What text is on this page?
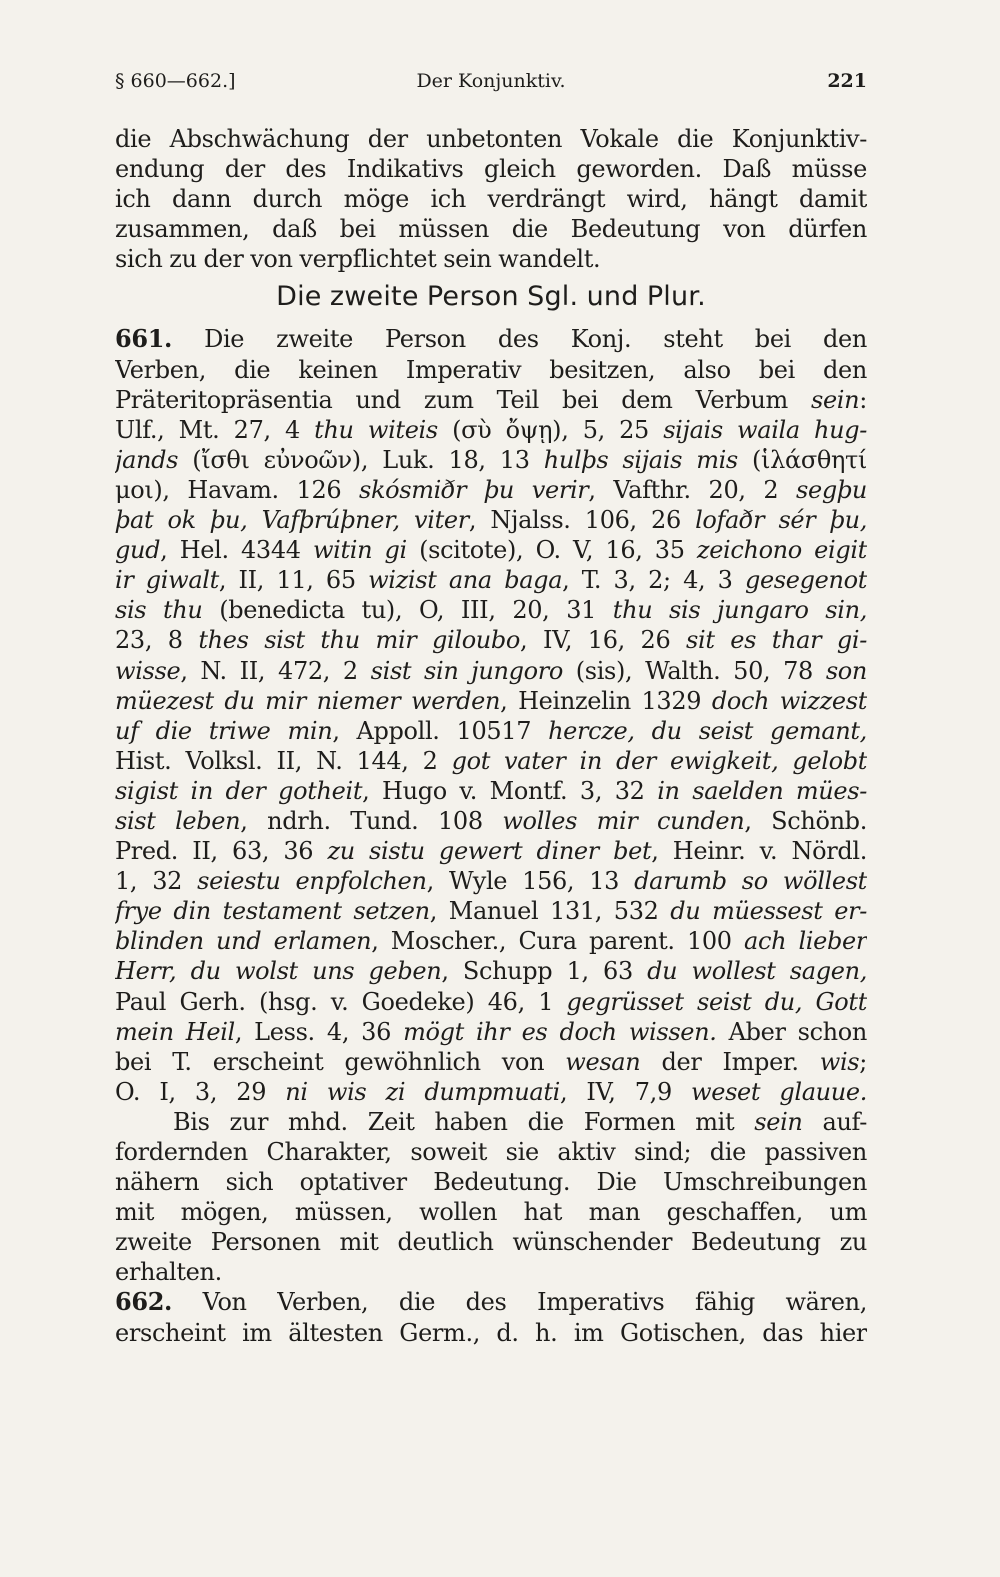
§ 660—662.]	Der Konjunktiv.	221
die Abschwächung der unbetonten Vokale die Konjunktiv-
endung der des Indikativs gleich geworden. Daß müsse
ich dann durch möge ich verdrängt wird, hängt damit
zusammen, daß bei müssen die Bedeutung von dürfen
sich zu der von verpflichtet sein wandelt.
Die zweite Person Sgl. und Plur.
661. Die zweite Person des Konj. steht bei den
Verben, die keinen Imperativ besitzen, also bei den
Präteritopräsentia und zum Teil bei dem Verbum sein:
Ulf., Mt. 27, 4 thu witeis (σὺ ὄψῃ), 5, 25 sijais waila hug-
jands (ἴσθι εὐνοῶν), Luk. 18, 13 hulþs sijais mis (ἱλάσθητί
μοι), Havam. 126 skósmiðr þu verir, Vafthr. 20, 2 segþu
þat ok þu, Vafþrúþner, viter, Njalss. 106, 26 lofaðr sér þu,
gud, Hel. 4344 witin gi (scitote), O. V, 16, 35 zeichono eigit
ir giwalt, II, 11, 65 wizist ana baga, T. 3, 2; 4, 3 gesegenot
sis thu (benedicta tu), O, III, 20, 31 thu sis jungaro sin,
23, 8 thes sist thu mir giloubo, IV, 16, 26 sit es thar gi-
wisse, N. II, 472, 2 sist sin jungoro (sis), Walth. 50, 78 son
müezest du mir niemer werden, Heinzelin 1329 doch wizzest
uf die triwe min, Appoll. 10517 hercze, du seist gemant,
Hist. Volksl. II, N. 144, 2 got vater in der ewigkeit, gelobt
sigist in der gotheit, Hugo v. Montf. 3, 32 in saelden mües-
sist leben, ndrh. Tund. 108 wolles mir cunden, Schönb.
Pred. II, 63, 36 zu sistu gewert diner bet, Heinr. v. Nördl.
1, 32 seiestu enpfolchen, Wyle 156, 13 darumb so wöllest
frye din testament setzen, Manuel 131, 532 du müessest er-
blinden und erlamen, Moscher., Cura parent. 100 ach lieber
Herr, du wolst uns geben, Schupp 1, 63 du wollest sagen,
Paul Gerh. (hsg. v. Goedeke) 46, 1 gegrüsset seist du, Gott
mein Heil, Less. 4, 36 mögt ihr es doch wissen. Aber schon
bei T. erscheint gewöhnlich von wesan der Imper. wis;
O. I, 3, 29 ni wis zi dumpmuati, IV, 7,9 weset glauue.
Bis zur mhd. Zeit haben die Formen mit sein auf-
fordernden Charakter, soweit sie aktiv sind; die passiven
nähern sich optativer Bedeutung. Die Umschreibungen
mit mögen, müssen, wollen hat man geschaffen, um
zweite Personen mit deutlich wünschender Bedeutung zu
erhalten.
662. Von Verben, die des Imperativs fähig wären,
erscheint im ältesten Germ., d. h. im Gotischen, das hier
